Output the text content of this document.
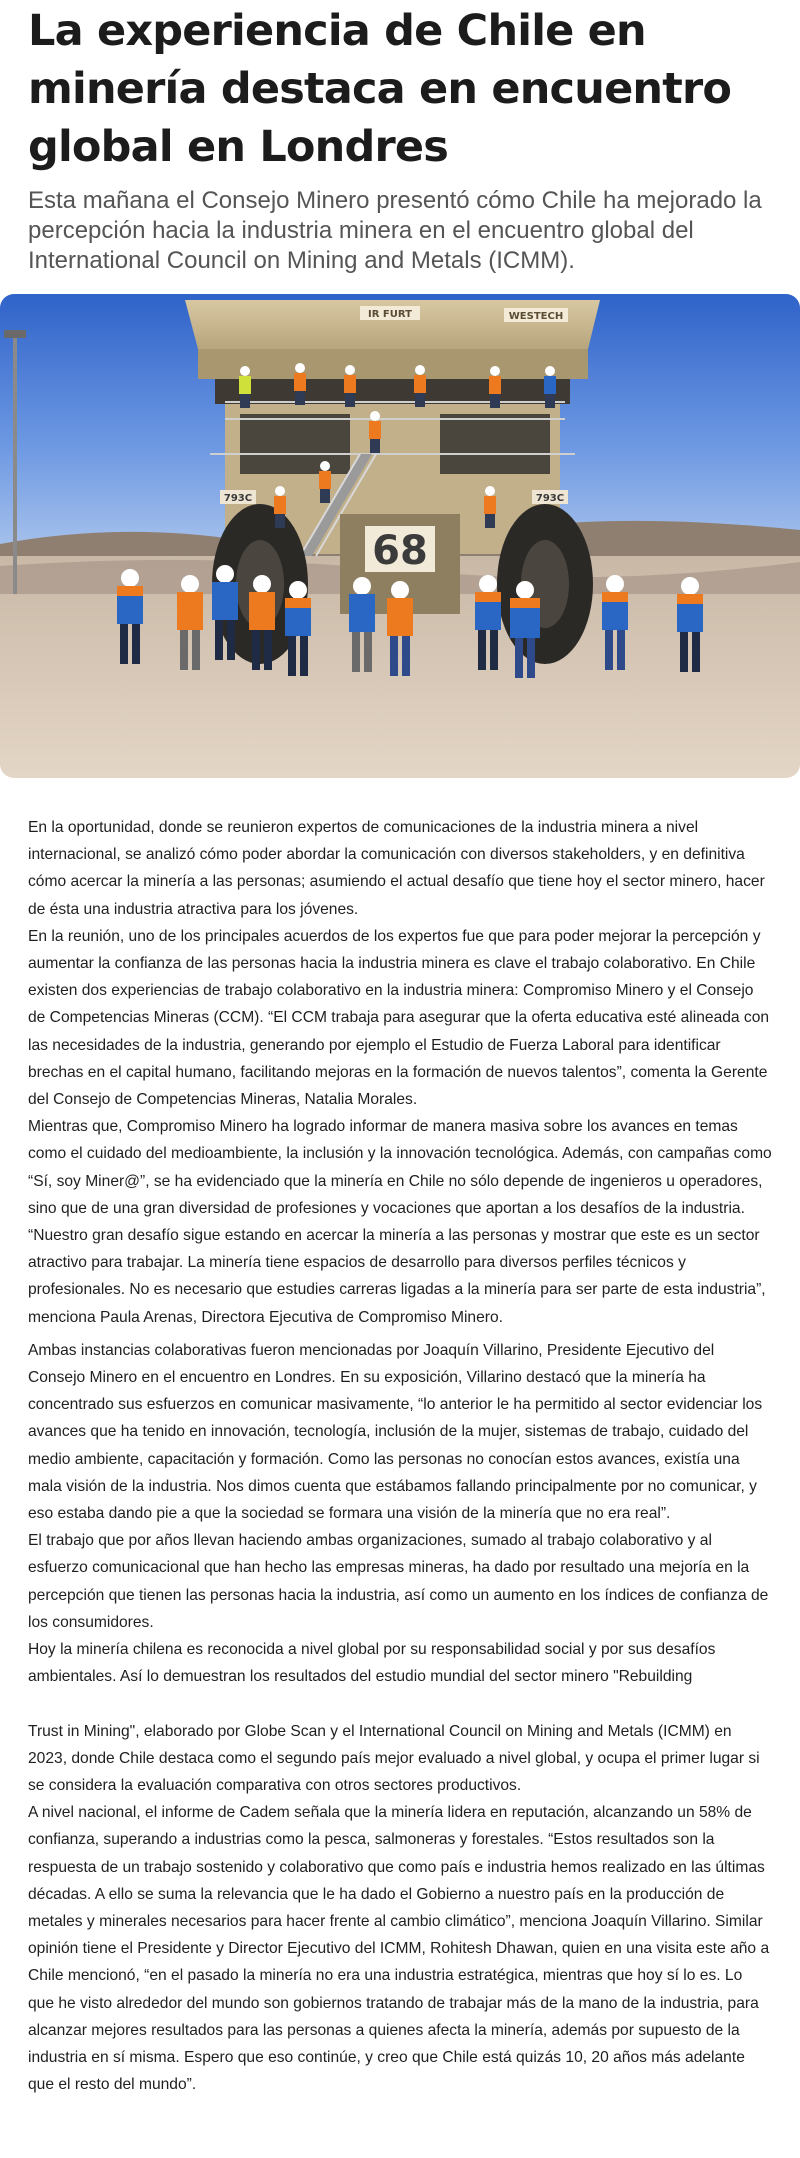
La experiencia de Chile en minería destaca en encuentro global en Londres

Esta mañana el Consejo Minero presentó cómo Chile ha mejorado la percepción hacia la industria minera en el encuentro global del International Council on Mining and Metals (ICMM).

IR FURT	WESTECH
793C	793C
68

En la oportunidad, donde se reunieron expertos de comunicaciones de la industria minera a nivel internacional, se analizó cómo poder abordar la comunicación con diversos stakeholders, y en definitiva cómo acercar la minería a las personas; asumiendo el actual desafío que tiene hoy el sector minero, hacer de ésta una industria atractiva para los jóvenes.

En la reunión, uno de los principales acuerdos de los expertos fue que para poder mejorar la percepción y aumentar la confianza de las personas hacia la industria minera es clave el trabajo colaborativo. En Chile existen dos experiencias de trabajo colaborativo en la industria minera: Compromiso Minero y el Consejo de Competencias Mineras (CCM). “El CCM trabaja para asegurar que la oferta educativa esté alineada con las necesidades de la industria, generando por ejemplo el Estudio de Fuerza Laboral para identificar brechas en el capital humano, facilitando mejoras en la formación de nuevos talentos”, comenta la Gerente del Consejo de Competencias Mineras, Natalia Morales.

Mientras que, Compromiso Minero ha logrado informar de manera masiva sobre los avances en temas como el cuidado del medioambiente, la inclusión y la innovación tecnológica. Además, con campañas como “Sí, soy Miner@”, se ha evidenciado que la minería en Chile no sólo depende de ingenieros u operadores, sino que de una gran diversidad de profesiones y vocaciones que aportan a los desafíos de la industria. “Nuestro gran desafío sigue estando en acercar la minería a las personas y mostrar que este es un sector atractivo para trabajar. La minería tiene espacios de desarrollo para diversos perfiles técnicos y profesionales. No es necesario que estudies carreras ligadas a la minería para ser parte de esta industria”, menciona Paula Arenas, Directora Ejecutiva de Compromiso Minero.

Ambas instancias colaborativas fueron mencionadas por Joaquín Villarino, Presidente Ejecutivo del Consejo Minero en el encuentro en Londres. En su exposición, Villarino destacó que la minería ha concentrado sus esfuerzos en comunicar masivamente, “lo anterior le ha permitido al sector evidenciar los avances que ha tenido en innovación, tecnología, inclusión de la mujer, sistemas de trabajo, cuidado del medio ambiente, capacitación y formación. Como las personas no conocían estos avances, existía una mala visión de la industria. Nos dimos cuenta que estábamos fallando principalmente por no comunicar, y eso estaba dando pie a que la sociedad se formara una visión de la minería que no era real”.

El trabajo que por años llevan haciendo ambas organizaciones, sumado al trabajo colaborativo y al esfuerzo comunicacional que han hecho las empresas mineras, ha dado por resultado una mejoría en la percepción que tienen las personas hacia la industria, así como un aumento en los índices de confianza de los consumidores.

Hoy la minería chilena es reconocida a nivel global por su responsabilidad social y por sus desafíos ambientales. Así lo demuestran los resultados del estudio mundial del sector minero "Rebuilding

Trust in Mining", elaborado por Globe Scan y el International Council on Mining and Metals (ICMM) en 2023, donde Chile destaca como el segundo país mejor evaluado a nivel global, y ocupa el primer lugar si se considera la evaluación comparativa con otros sectores productivos.

A nivel nacional, el informe de Cadem señala que la minería lidera en reputación, alcanzando un 58% de confianza, superando a industrias como la pesca, salmoneras y forestales. “Estos resultados son la respuesta de un trabajo sostenido y colaborativo que como país e industria hemos realizado en las últimas décadas. A ello se suma la relevancia que le ha dado el Gobierno a nuestro país en la producción de metales y minerales necesarios para hacer frente al cambio climático”, menciona Joaquín Villarino. Similar opinión tiene el Presidente y Director Ejecutivo del ICMM, Rohitesh Dhawan, quien en una visita este año a Chile mencionó, “en el pasado la minería no era una industria estratégica, mientras que hoy sí lo es. Lo que he visto alrededor del mundo son gobiernos tratando de trabajar más de la mano de la industria, para alcanzar mejores resultados para las personas a quienes afecta la minería, además por supuesto de la industria en sí misma. Espero que eso continúe, y creo que Chile está quizás 10, 20 años más adelante que el resto del mundo”.
